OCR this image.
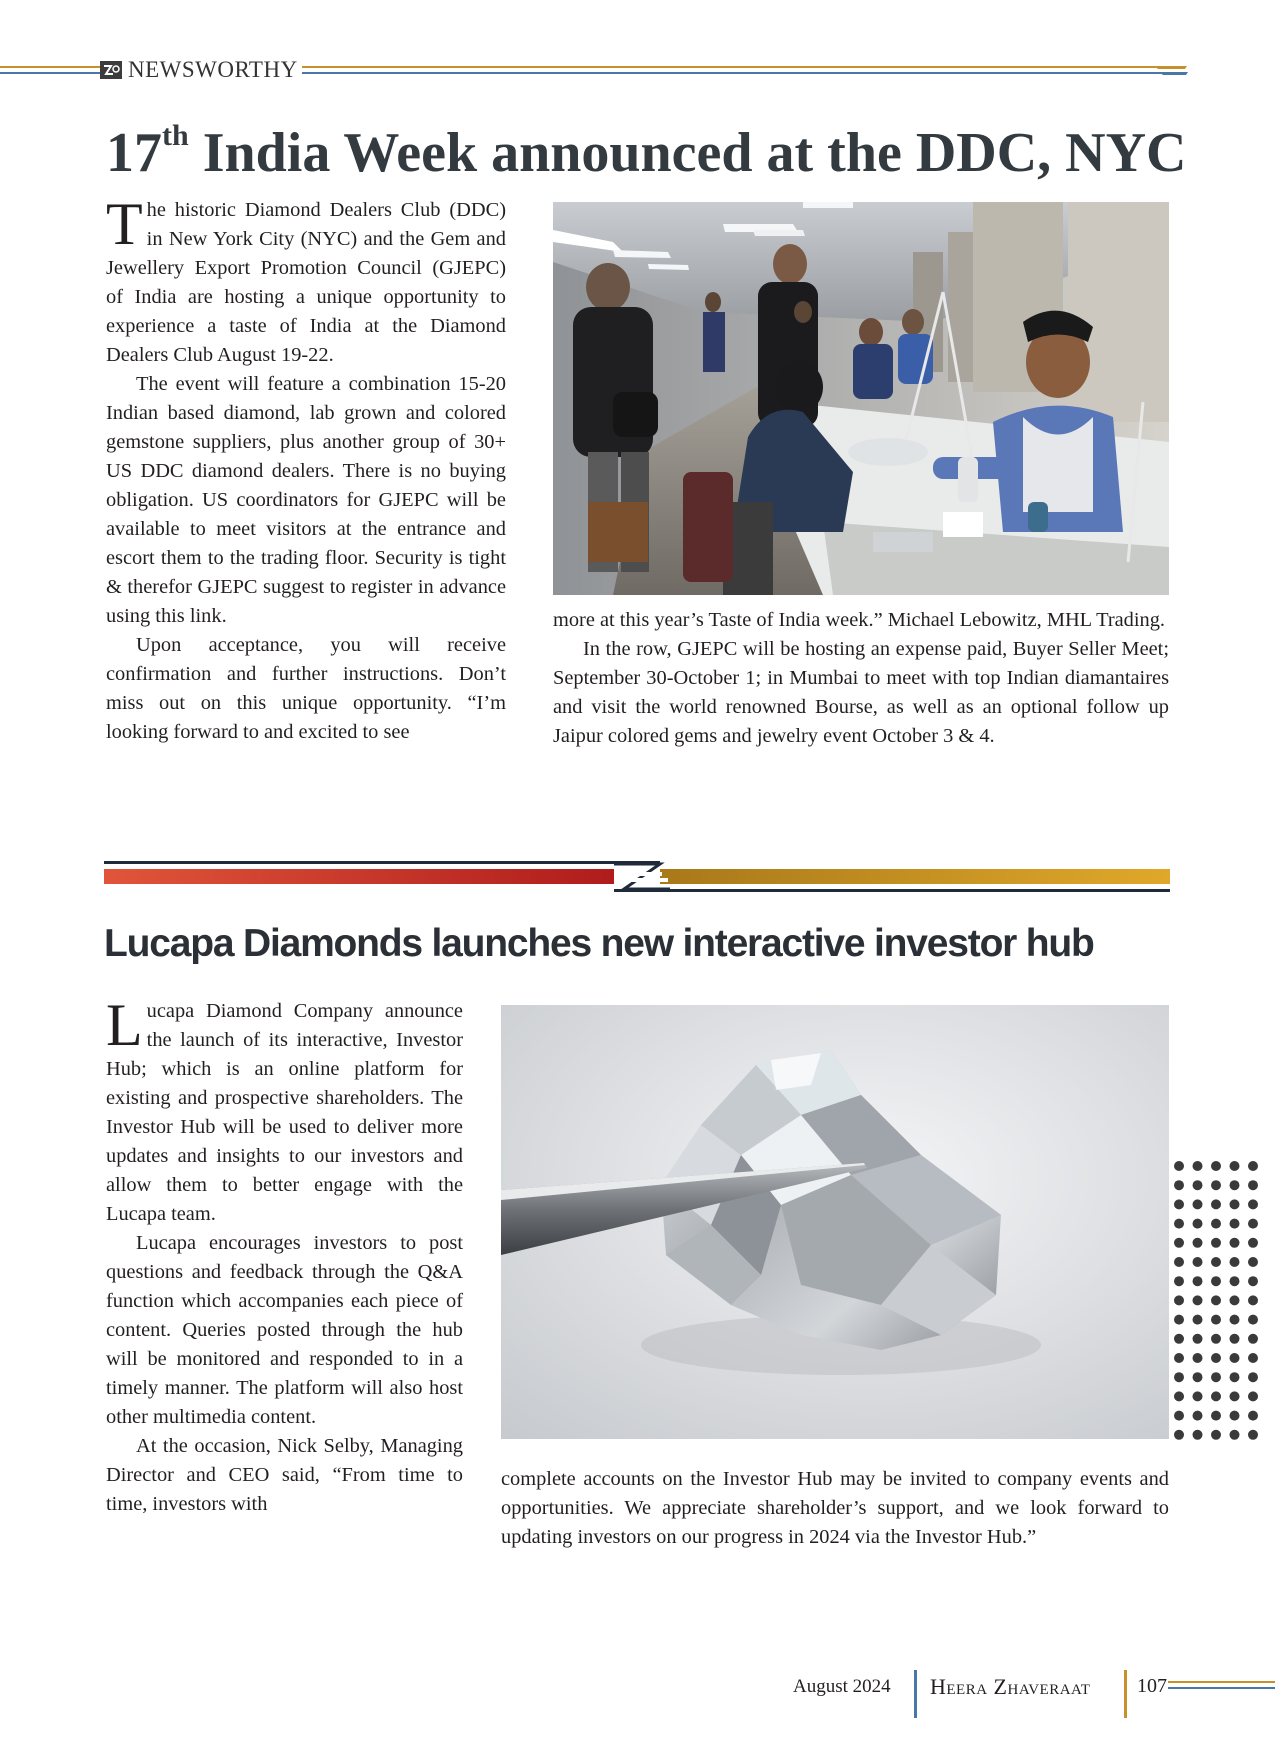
NEWSWORTHY
17th India Week announced at the DDC, NYC

The historic Diamond Dealers Club (DDC) in New York City (NYC) and the Gem and Jewellery Export Promotion Council (GJEPC) of India are hosting a unique opportunity to experience a taste of India at the Diamond Dealers Club August 19-22.

The event will feature a combination 15-20 Indian based diamond, lab grown and colored gemstone suppliers, plus another group of 30+ US DDC diamond dealers. There is no buying obligation. US coordinators for GJEPC will be available to meet visitors at the entrance and escort them to the trading floor. Security is tight & therefor GJEPC suggest to register in advance using this link.

Upon acceptance, you will receive confirmation and further instructions. Don’t miss out on this unique opportunity. “I’m looking forward to and excited to see

more at this year’s Taste of India week.” Michael Lebowitz, MHL Trading.

In the row, GJEPC will be hosting an expense paid, Buyer Seller Meet; September 30-October 1; in Mumbai to meet with top Indian diamantaires and visit the world renowned Bourse, as well as an optional follow up Jaipur colored gems and jewelry event October 3 & 4.

Lucapa Diamonds launches new interactive investor hub

Lucapa Diamond Company announce the launch of its interactive, Investor Hub; which is an online platform for existing and prospective shareholders. The Investor Hub will be used to deliver more updates and insights to our investors and allow them to better engage with the Lucapa team.

Lucapa encourages investors to post questions and feedback through the Q&A function which accompanies each piece of content. Queries posted through the hub will be monitored and responded to in a timely manner. The platform will also host other multimedia content.

At the occasion, Nick Selby, Managing Director and CEO said, “From time to time, investors with

complete accounts on the Investor Hub may be invited to company events and opportunities. We appreciate shareholder’s support, and we look forward to updating investors on our progress in 2024 via the Investor Hub.”

August 2024 Heera Zhaveraat 107
